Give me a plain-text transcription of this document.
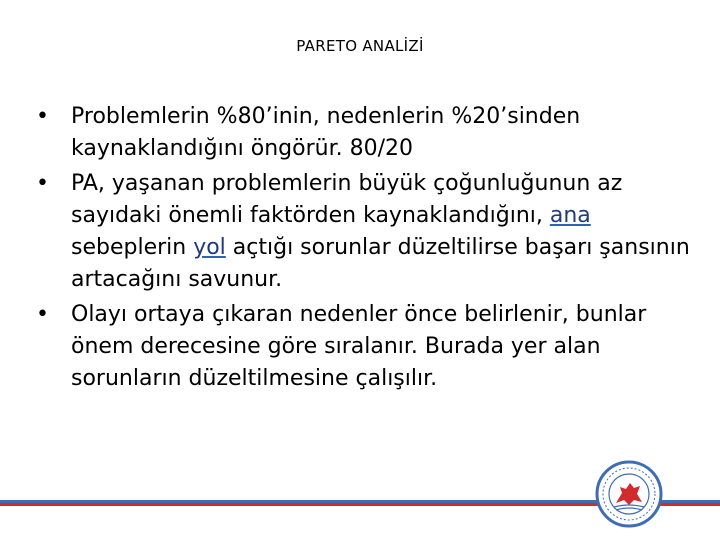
PARETO ANALİZİ
•	Problemlerin %80’inin, nedenlerin %20’sinden kaynaklandığını öngörür. 80/20
•	PA, yaşanan problemlerin büyük çoğunluğunun az sayıdaki önemli faktörden kaynaklandığını, ana sebeplerin yol açtığı sorunlar düzeltilirse başarı şansının artacağını savunur.
•	Olayı ortaya çıkaran nedenler önce belirlenir, bunlar önem derecesine göre sıralanır. Burada yer alan sorunların düzeltilmesine çalışılır.
